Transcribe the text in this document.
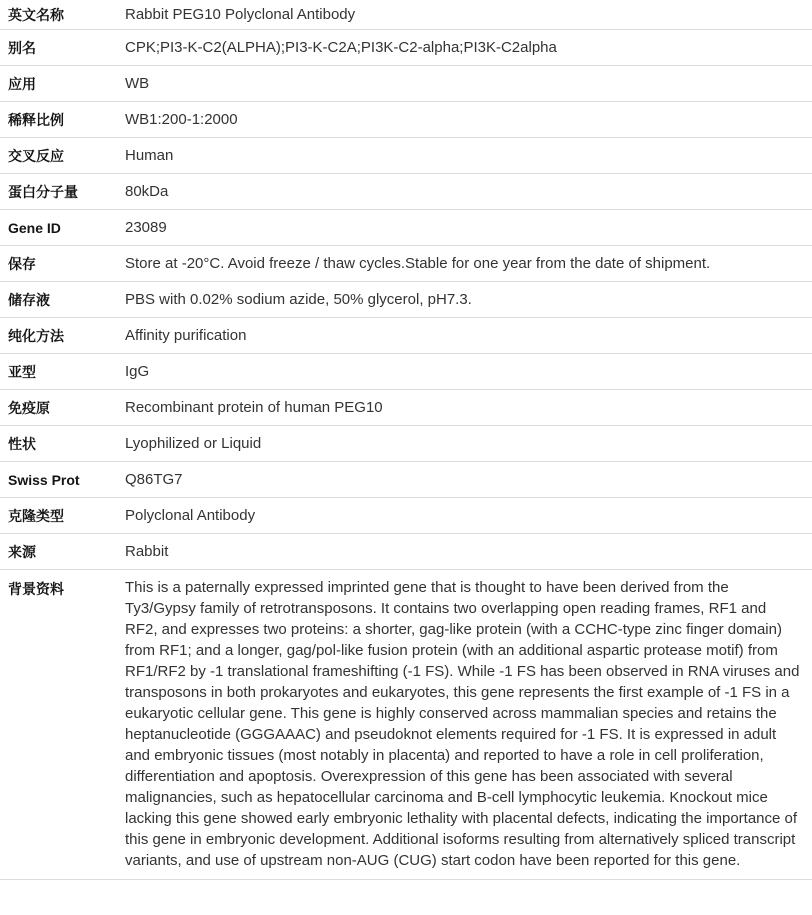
英文名称	Rabbit PEG10 Polyclonal Antibody
别名	CPK;PI3-K-C2(ALPHA);PI3-K-C2A;PI3K-C2-alpha;PI3K-C2alpha
应用	WB
稀释比例	WB1:200-1:2000
交叉反应	Human
蛋白分子量	80kDa
Gene ID	23089
保存	Store at -20°C. Avoid freeze / thaw cycles.Stable for one year from the date of shipment.
储存液	PBS with 0.02% sodium azide, 50% glycerol, pH7.3.
纯化方法	Affinity purification
亚型	IgG
免疫原	Recombinant protein of human PEG10
性状	Lyophilized or Liquid
Swiss Prot	Q86TG7
克隆类型	Polyclonal Antibody
来源	Rabbit
背景资料	This is a paternally expressed imprinted gene that is thought to have been derived from the Ty3/Gypsy family of retrotransposons. It contains two overlapping open reading frames, RF1 and RF2, and expresses two proteins: a shorter, gag-like protein (with a CCHC-type zinc finger domain) from RF1; and a longer, gag/pol-like fusion protein (with an additional aspartic protease motif) from RF1/RF2 by -1 translational frameshifting (-1 FS). While -1 FS has been observed in RNA viruses and transposons in both prokaryotes and eukaryotes, this gene represents the first example of -1 FS in a eukaryotic cellular gene. This gene is highly conserved across mammalian species and retains the heptanucleotide (GGGAAAC) and pseudoknot elements required for -1 FS. It is expressed in adult and embryonic tissues (most notably in placenta) and reported to have a role in cell proliferation, differentiation and apoptosis. Overexpression of this gene has been associated with several malignancies, such as hepatocellular carcinoma and B-cell lymphocytic leukemia. Knockout mice lacking this gene showed early embryonic lethality with placental defects, indicating the importance of this gene in embryonic development. Additional isoforms resulting from alternatively spliced transcript variants, and use of upstream non-AUG (CUG) start codon have been reported for this gene.
